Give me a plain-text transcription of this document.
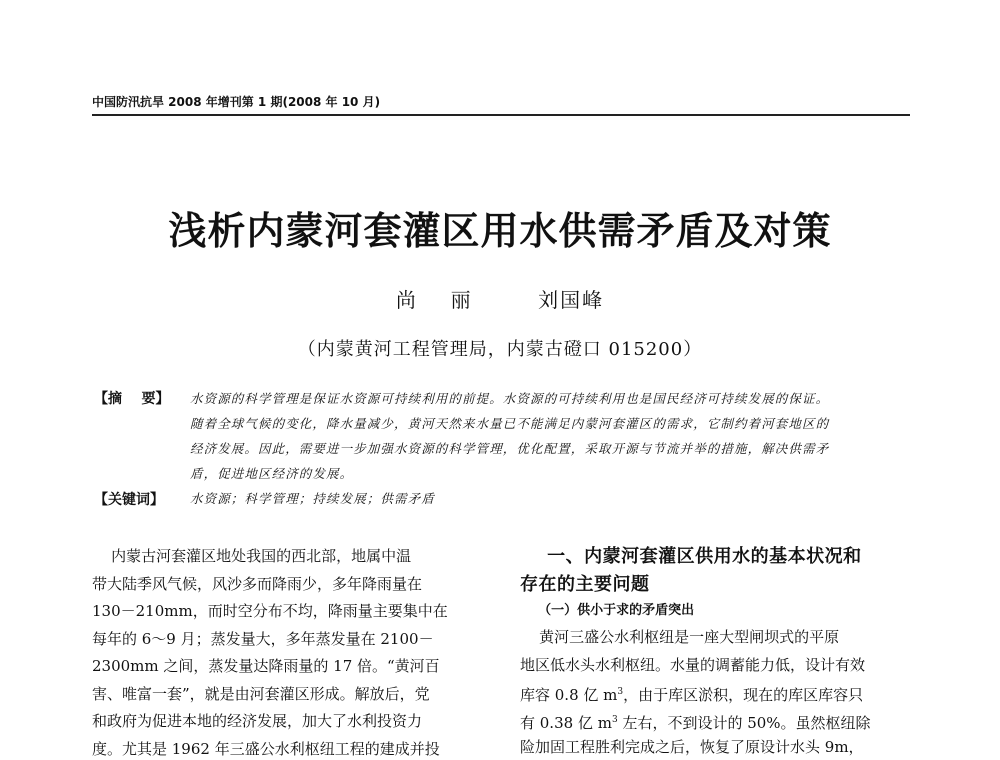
中国防汛抗旱 2008 年增刊第 1 期(2008 年 10 月)
浅析内蒙河套灌区用水供需矛盾及对策
尚  丽    刘国峰
（内蒙黄河工程管理局，内蒙古磴口 015200）
【摘    要】 水资源的科学管理是保证水资源可持续利用的前提。水资源的可持续利用也是国民经济可持续发展的保证。
随着全球气候的变化，降水量减少，黄河天然来水量已不能满足内蒙河套灌区的需求，它制约着河套地区的
经济发展。因此，需要进一步加强水资源的科学管理，优化配置，采取开源与节流并举的措施，解决供需矛
盾，促进地区经济的发展。
【关键词】 水资源；科学管理；持续发展；供需矛盾
内蒙古河套灌区地处我国的西北部，地属中温
带大陆季风气候，风沙多而降雨少，多年降雨量在
130－210mm，而时空分布不均，降雨量主要集中在
每年的 6～9 月；蒸发量大，多年蒸发量在 2100－
2300mm 之间，蒸发量达降雨量的 17 倍。“黄河百
害、唯富一套”，就是由河套灌区形成。解放后，党
和政府为促进本地的经济发展，加大了水利投资力
度。尤其是 1962 年三盛公水利枢纽工程的建成并投
一、内蒙河套灌区供用水的基本状况和
存在的主要问题
（一）供小于求的矛盾突出
黄河三盛公水利枢纽是一座大型闸坝式的平原
地区低水头水利枢纽。水量的调蓄能力低，设计有效
库容 0.8 亿 $m^3$，由于库区淤积，现在的库区库容只
有 0.38 亿 $m^3$ 左右，不到设计的 50%。虽然枢纽除
险加固工程胜利完成之后，恢复了原设计水头 9m，
